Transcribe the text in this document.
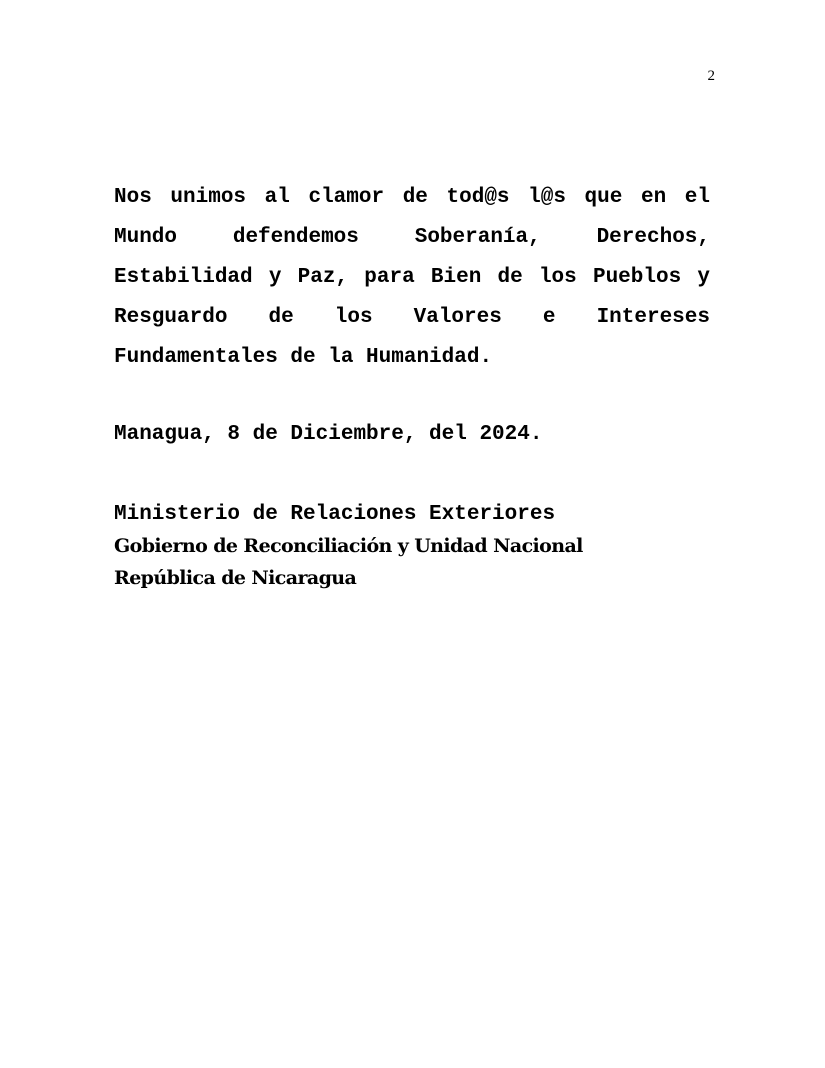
2

Nos unimos al clamor de tod@s l@s que en el Mundo defendemos Soberanía, Derechos, Estabilidad y Paz, para Bien de los Pueblos y Resguardo de los Valores e Intereses Fundamentales de la Humanidad.

Managua, 8 de Diciembre, del 2024.

Ministerio de Relaciones Exteriores
Gobierno de Reconciliación y Unidad Nacional
República de Nicaragua
